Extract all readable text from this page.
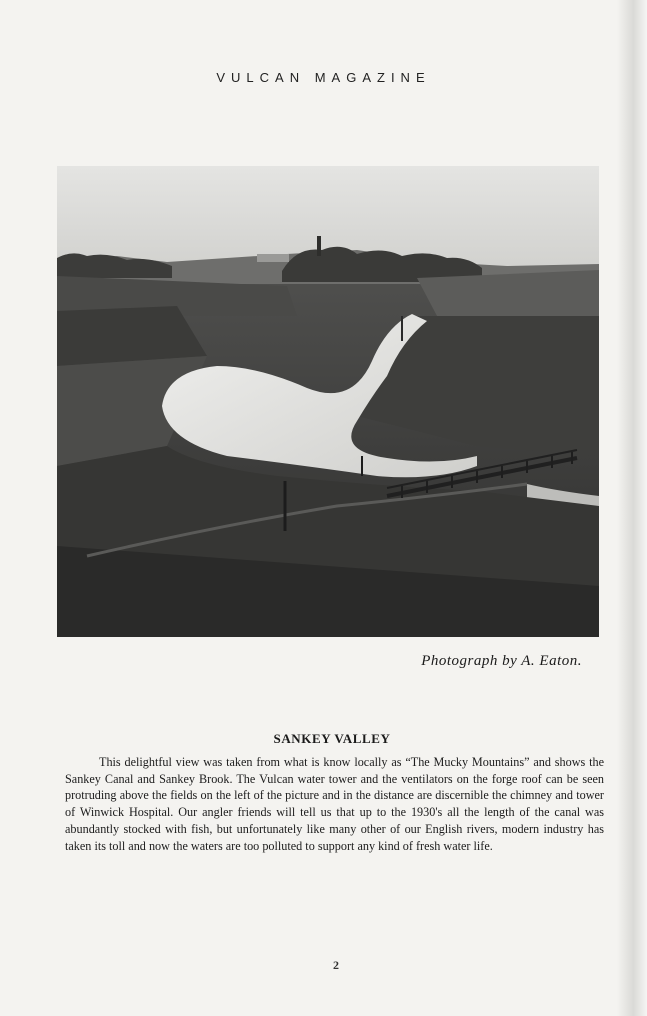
VULCAN MAGAZINE
Photograph by A. Eaton.
SANKEY VALLEY

This delightful view was taken from what is know locally as “The Mucky Mountains” and shows the Sankey Canal and Sankey Brook. The Vulcan water tower and the ventilators on the forge roof can be seen protruding above the fields on the left of the picture and in the distance are discernible the chimney and tower of Winwick Hospital. Our angler friends will tell us that up to the 1930's all the length of the canal was abundantly stocked with fish, but unfortunately like many other of our English rivers, modern industry has taken its toll and now the waters are too polluted to support any kind of fresh water life.

2
